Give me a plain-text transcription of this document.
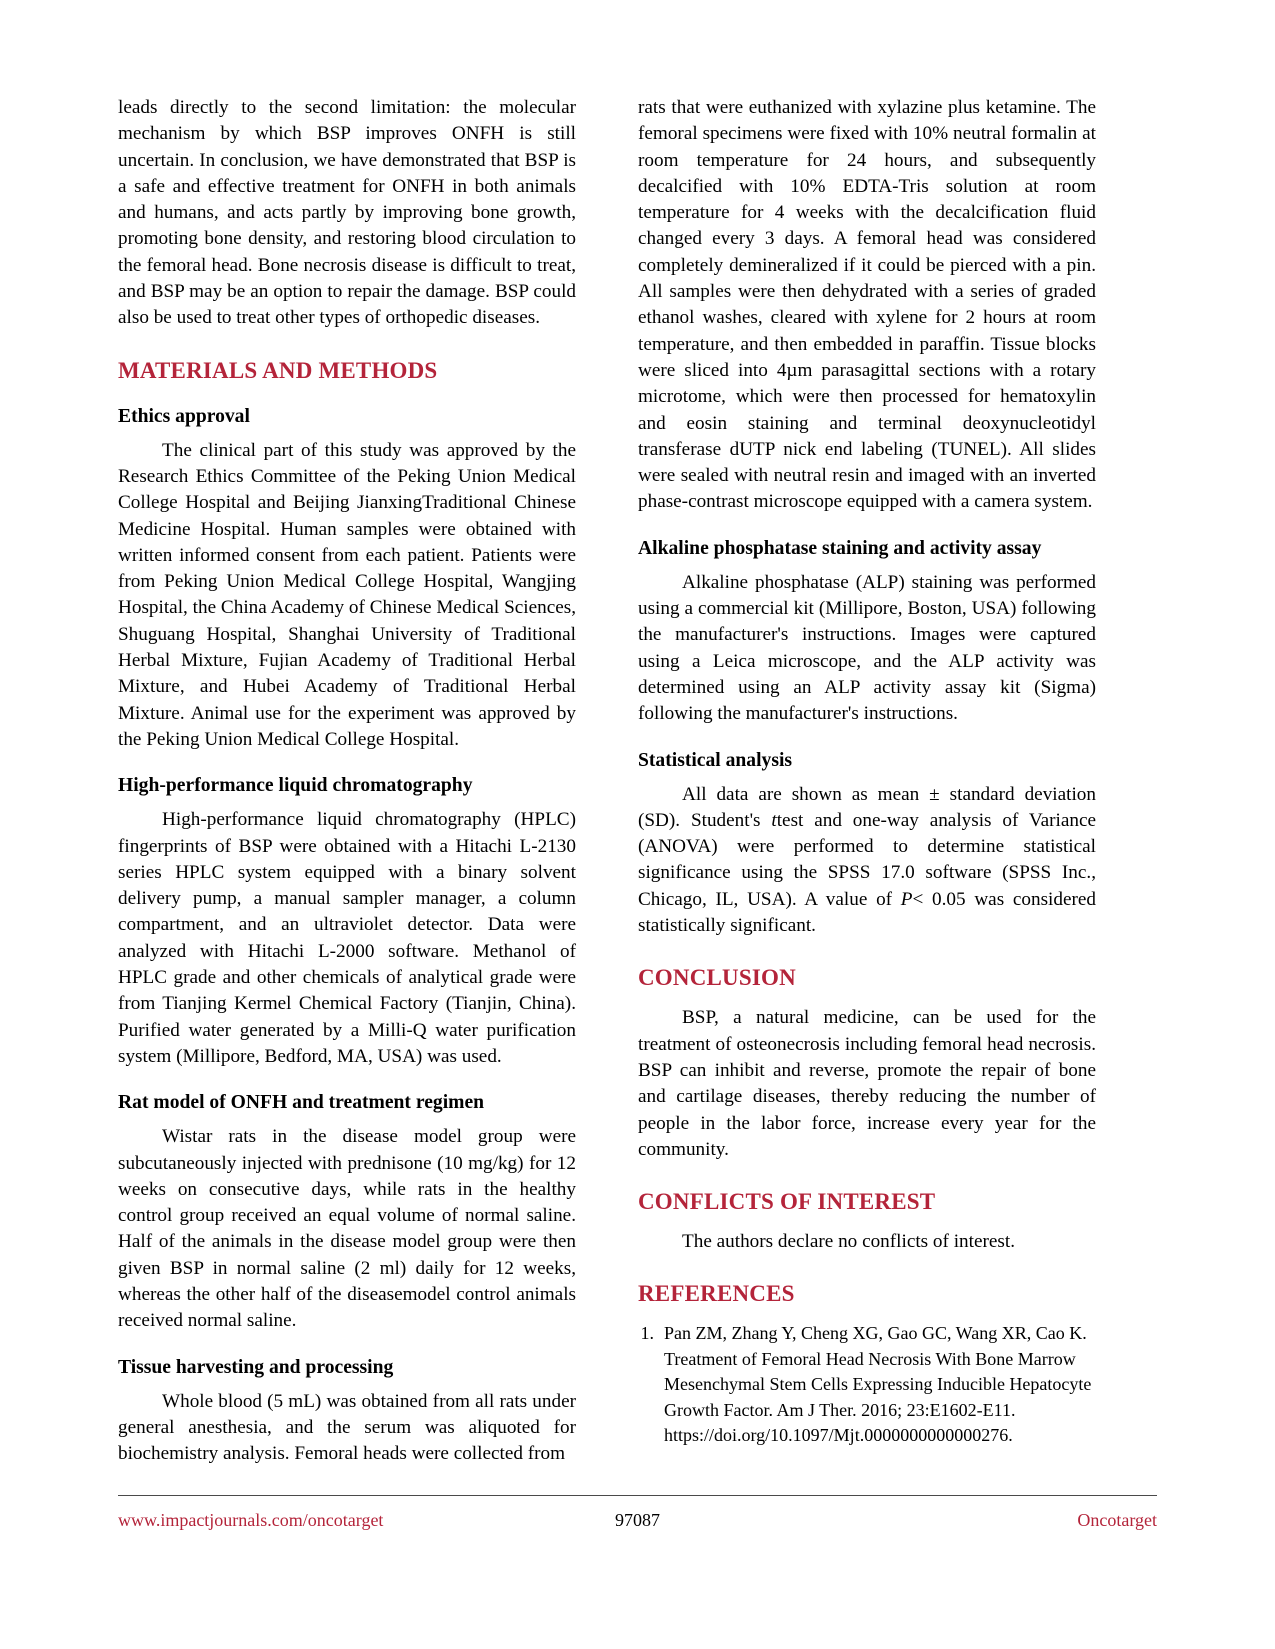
leads directly to the second limitation: the molecular mechanism by which BSP improves ONFH is still uncertain. In conclusion, we have demonstrated that BSP is a safe and effective treatment for ONFH in both animals and humans, and acts partly by improving bone growth, promoting bone density, and restoring blood circulation to the femoral head. Bone necrosis disease is difficult to treat, and BSP may be an option to repair the damage. BSP could also be used to treat other types of orthopedic diseases.

MATERIALS AND METHODS
Ethics approval

The clinical part of this study was approved by the Research Ethics Committee of the Peking Union Medical College Hospital and Beijing JianxingTraditional Chinese Medicine Hospital. Human samples were obtained with written informed consent from each patient. Patients were from Peking Union Medical College Hospital, Wangjing Hospital, the China Academy of Chinese Medical Sciences, Shuguang Hospital, Shanghai University of Traditional Herbal Mixture, Fujian Academy of Traditional Herbal Mixture, and Hubei Academy of Traditional Herbal Mixture. Animal use for the experiment was approved by the Peking Union Medical College Hospital.

High-performance liquid chromatography

High-performance liquid chromatography (HPLC) fingerprints of BSP were obtained with a Hitachi L-2130 series HPLC system equipped with a binary solvent delivery pump, a manual sampler manager, a column compartment, and an ultraviolet detector. Data were analyzed with Hitachi L-2000 software. Methanol of HPLC grade and other chemicals of analytical grade were from Tianjing Kermel Chemical Factory (Tianjin, China). Purified water generated by a Milli-Q water purification system (Millipore, Bedford, MA, USA) was used.

Rat model of ONFH and treatment regimen

Wistar rats in the disease model group were subcutaneously injected with prednisone (10 mg/kg) for 12 weeks on consecutive days, while rats in the healthy control group received an equal volume of normal saline. Half of the animals in the disease model group were then given BSP in normal saline (2 ml) daily for 12 weeks, whereas the other half of the diseasemodel control animals received normal saline.

Tissue harvesting and processing

Whole blood (5 mL) was obtained from all rats under general anesthesia, and the serum was aliquoted for biochemistry analysis. Femoral heads were collected from

rats that were euthanized with xylazine plus ketamine. The femoral specimens were fixed with 10% neutral formalin at room temperature for 24 hours, and subsequently decalcified with 10% EDTA-Tris solution at room temperature for 4 weeks with the decalcification fluid changed every 3 days. A femoral head was considered completely demineralized if it could be pierced with a pin. All samples were then dehydrated with a series of graded ethanol washes, cleared with xylene for 2 hours at room temperature, and then embedded in paraffin. Tissue blocks were sliced into 4µm parasagittal sections with a rotary microtome, which were then processed for hematoxylin and eosin staining and terminal deoxynucleotidyl transferase dUTP nick end labeling (TUNEL). All slides were sealed with neutral resin and imaged with an inverted phase-contrast microscope equipped with a camera system.

Alkaline phosphatase staining and activity assay

Alkaline phosphatase (ALP) staining was performed using a commercial kit (Millipore, Boston, USA) following the manufacturer's instructions. Images were captured using a Leica microscope, and the ALP activity was determined using an ALP activity assay kit (Sigma) following the manufacturer's instructions.

Statistical analysis

All data are shown as mean ± standard deviation (SD). Student's ttest and one-way analysis of Variance (ANOVA) were performed to determine statistical significance using the SPSS 17.0 software (SPSS Inc., Chicago, IL, USA). A value of P< 0.05 was considered statistically significant.

CONCLUSION

BSP, a natural medicine, can be used for the treatment of osteonecrosis including femoral head necrosis. BSP can inhibit and reverse, promote the repair of bone and cartilage diseases, thereby reducing the number of people in the labor force, increase every year for the community.

CONFLICTS OF INTEREST

The authors declare no conflicts of interest.

REFERENCES
1. Pan ZM, Zhang Y, Cheng XG, Gao GC, Wang XR, Cao K. Treatment of Femoral Head Necrosis With Bone Marrow Mesenchymal Stem Cells Expressing Inducible Hepatocyte Growth Factor. Am J Ther. 2016; 23:E1602-E11. https://doi.org/10.1097/Mjt.0000000000000276.
www.impactjournals.com/oncotarget	97087	Oncotarget
